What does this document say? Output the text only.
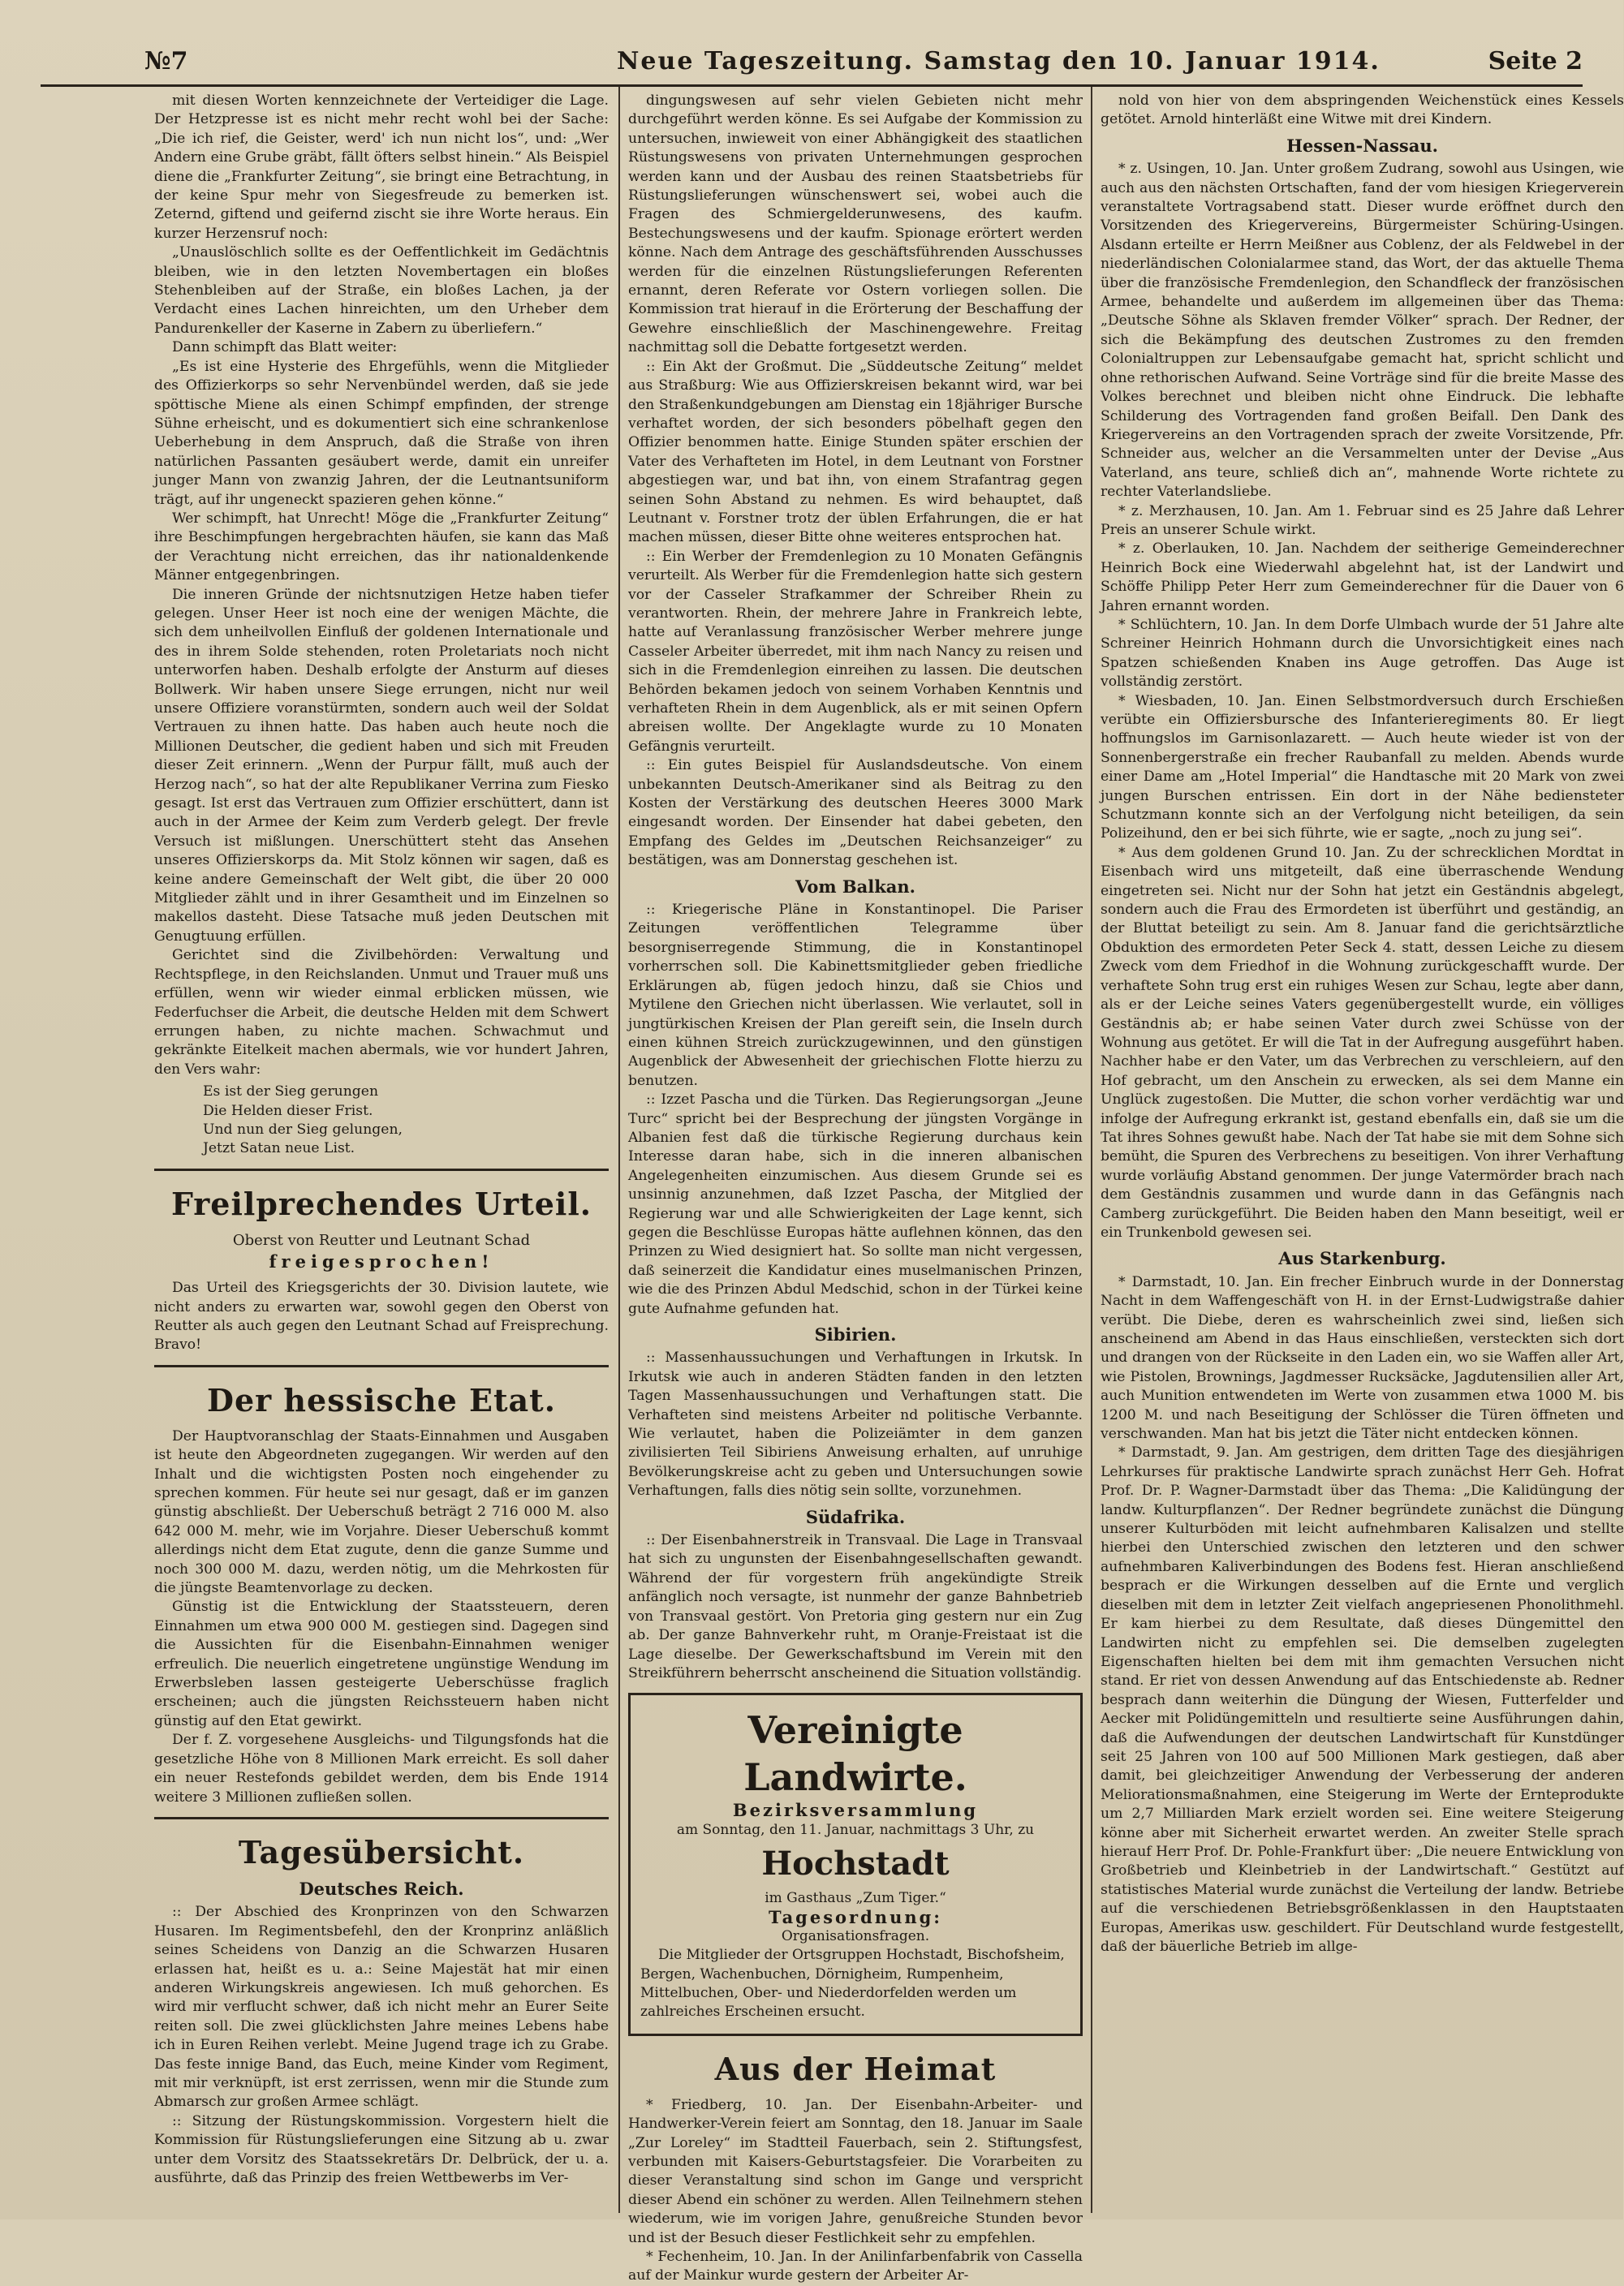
№7	Neue Tageszeitung. Samstag den 10. Januar 1914.	Seite 2

mit diesen Worten kennzeichnete der Verteidiger die Lage. Der Hetzpresse ist es nicht mehr recht wohl bei der Sache: „Die ich rief, die Geister, werd' ich nun nicht los“, und: „Wer Andern eine Grube gräbt, fällt öfters selbst hinein.“ Als Beispiel diene die „Frankfurter Zeitung“, sie bringt eine Betrachtung, in der keine Spur mehr von Siegesfreude zu bemerken ist. Zeternd, giftend und geifernd zischt sie ihre Worte heraus. Ein kurzer Herzensruf noch:

„Unauslöschlich sollte es der Oeffentlichkeit im Gedächtnis bleiben, wie in den letzten Novembertagen ein bloßes Stehenbleiben auf der Straße, ein bloßes Lachen, ja der Verdacht eines Lachen hinreichten, um den Urheber dem Pandurenkeller der Kaserne in Zabern zu überliefern.“

Dann schimpft das Blatt weiter:

„Es ist eine Hysterie des Ehrgefühls, wenn die Mitglieder des Offizierkorps so sehr Nervenbündel werden, daß sie jede spöttische Miene als einen Schimpf empfinden, der strenge Sühne erheischt, und es dokumentiert sich eine schrankenlose Ueberhebung in dem Anspruch, daß die Straße von ihren natürlichen Passanten gesäubert werde, damit ein unreifer junger Mann von zwanzig Jahren, der die Leutnantsuniform trägt, auf ihr ungeneckt spazieren gehen könne.“

Wer schimpft, hat Unrecht! Möge die „Frankfurter Zeitung“ ihre Beschimpfungen hergebrachten häufen, sie kann das Maß der Verachtung nicht erreichen, das ihr nationaldenkende Männer entgegenbringen.

Die inneren Gründe der nichtsnutzigen Hetze haben tiefer gelegen. Unser Heer ist noch eine der wenigen Mächte, die sich dem unheilvollen Einfluß der goldenen Internationale und des in ihrem Solde stehenden, roten Proletariats noch nicht unterworfen haben. Deshalb erfolgte der Ansturm auf dieses Bollwerk. Wir haben unsere Siege errungen, nicht nur weil unsere Offiziere voranstürmten, sondern auch weil der Soldat Vertrauen zu ihnen hatte. Das haben auch heute noch die Millionen Deutscher, die gedient haben und sich mit Freuden dieser Zeit erinnern. „Wenn der Purpur fällt, muß auch der Herzog nach“, so hat der alte Republikaner Verrina zum Fiesko gesagt. Ist erst das Vertrauen zum Offizier erschüttert, dann ist auch in der Armee der Keim zum Verderb gelegt. Der frevle Versuch ist mißlungen. Unerschüttert steht das Ansehen unseres Offizierskorps da. Mit Stolz können wir sagen, daß es keine andere Gemeinschaft der Welt gibt, die über 20 000 Mitglieder zählt und in ihrer Gesamtheit und im Einzelnen so makellos dasteht. Diese Tatsache muß jeden Deutschen mit Genugtuung erfüllen.

Gerichtet sind die Zivilbehörden: Verwaltung und Rechtspflege, in den Reichslanden. Unmut und Trauer muß uns erfüllen, wenn wir wieder einmal erblicken müssen, wie Federfuchser die Arbeit, die deutsche Helden mit dem Schwert errungen haben, zu nichte machen. Schwachmut und gekränkte Eitelkeit machen abermals, wie vor hundert Jahren, den Vers wahr:

Es ist der Sieg gerungen
Die Helden dieser Frist.
Und nun der Sieg gelungen,
Jetzt Satan neue List.
Freilprechendes Urteil.
Oberst von Reutter und Leutnant Schad
freigesprochen!

Das Urteil des Kriegsgerichts der 30. Division lautete, wie nicht anders zu erwarten war, sowohl gegen den Oberst von Reutter als auch gegen den Leutnant Schad auf Freisprechung. Bravo!

Der hessische Etat.

Der Hauptvoranschlag der Staats-Einnahmen und Ausgaben ist heute den Abgeordneten zugegangen. Wir werden auf den Inhalt und die wichtigsten Posten noch eingehender zu sprechen kommen. Für heute sei nur gesagt, daß er im ganzen günstig abschließt. Der Ueberschuß beträgt 2 716 000 M. also 642 000 M. mehr, wie im Vorjahre. Dieser Ueberschuß kommt allerdings nicht dem Etat zugute, denn die ganze Summe und noch 300 000 M. dazu, werden nötig, um die Mehrkosten für die jüngste Beamtenvorlage zu decken.

Günstig ist die Entwicklung der Staatssteuern, deren Einnahmen um etwa 900 000 M. gestiegen sind. Dagegen sind die Aussichten für die Eisenbahn-Einnahmen weniger erfreulich. Die neuerlich eingetretene ungünstige Wendung im Erwerbsleben lassen gesteigerte Ueberschüsse fraglich erscheinen; auch die jüngsten Reichssteuern haben nicht günstig auf den Etat gewirkt.

Der f. Z. vorgesehene Ausgleichs- und Tilgungsfonds hat die gesetzliche Höhe von 8 Millionen Mark erreicht. Es soll daher ein neuer Restefonds gebildet werden, dem bis Ende 1914 weitere 3 Millionen zufließen sollen.

Tagesübersicht.
Deutsches Reich.

:: Der Abschied des Kronprinzen von den Schwarzen Husaren. Im Regimentsbefehl, den der Kronprinz anläßlich seines Scheidens von Danzig an die Schwarzen Husaren erlassen hat, heißt es u. a.: Seine Majestät hat mir einen anderen Wirkungskreis angewiesen. Ich muß gehorchen. Es wird mir verflucht schwer, daß ich nicht mehr an Eurer Seite reiten soll. Die zwei glücklichsten Jahre meines Lebens habe ich in Euren Reihen verlebt. Meine Jugend trage ich zu Grabe. Das feste innige Band, das Euch, meine Kinder vom Regiment, mit mir verknüpft, ist erst zerrissen, wenn mir die Stunde zum Abmarsch zur großen Armee schlägt.

:: Sitzung der Rüstungskommission. Vorgestern hielt die Kommission für Rüstungslieferungen eine Sitzung ab u. zwar unter dem Vorsitz des Staatssekretärs Dr. Delbrück, der u. a. ausführte, daß das Prinzip des freien Wettbewerbs im Ver-

dingungswesen auf sehr vielen Gebieten nicht mehr durchgeführt werden könne. Es sei Aufgabe der Kommission zu untersuchen, inwieweit von einer Abhängigkeit des staatlichen Rüstungswesens von privaten Unternehmungen gesprochen werden kann und der Ausbau des reinen Staatsbetriebs für Rüstungslieferungen wünschenswert sei, wobei auch die Fragen des Schmiergelderunwesens, des kaufm. Bestechungswesens und der kaufm. Spionage erörtert werden könne. Nach dem Antrage des geschäftsführenden Ausschusses werden für die einzelnen Rüstungslieferungen Referenten ernannt, deren Referate vor Ostern vorliegen sollen. Die Kommission trat hierauf in die Erörterung der Beschaffung der Gewehre einschließlich der Maschinengewehre. Freitag nachmittag soll die Debatte fortgesetzt werden.

:: Ein Akt der Großmut. Die „Süddeutsche Zeitung“ meldet aus Straßburg: Wie aus Offizierskreisen bekannt wird, war bei den Straßenkundgebungen am Dienstag ein 18jähriger Bursche verhaftet worden, der sich besonders pöbelhaft gegen den Offizier benommen hatte. Einige Stunden später erschien der Vater des Verhafteten im Hotel, in dem Leutnant von Forstner abgestiegen war, und bat ihn, von einem Strafantrag gegen seinen Sohn Abstand zu nehmen. Es wird behauptet, daß Leutnant v. Forstner trotz der üblen Erfahrungen, die er hat machen müssen, dieser Bitte ohne weiteres entsprochen hat.

:: Ein Werber der Fremdenlegion zu 10 Monaten Gefängnis verurteilt. Als Werber für die Fremdenlegion hatte sich gestern vor der Casseler Strafkammer der Schreiber Rhein zu verantworten. Rhein, der mehrere Jahre in Frankreich lebte, hatte auf Veranlassung französischer Werber mehrere junge Casseler Arbeiter überredet, mit ihm nach Nancy zu reisen und sich in die Fremdenlegion einreihen zu lassen. Die deutschen Behörden bekamen jedoch von seinem Vorhaben Kenntnis und verhafteten Rhein in dem Augenblick, als er mit seinen Opfern abreisen wollte. Der Angeklagte wurde zu 10 Monaten Gefängnis verurteilt.

:: Ein gutes Beispiel für Auslandsdeutsche. Von einem unbekannten Deutsch-Amerikaner sind als Beitrag zu den Kosten der Verstärkung des deutschen Heeres 3000 Mark eingesandt worden. Der Einsender hat dabei gebeten, den Empfang des Geldes im „Deutschen Reichsanzeiger“ zu bestätigen, was am Donnerstag geschehen ist.

Vom Balkan.

:: Kriegerische Pläne in Konstantinopel. Die Pariser Zeitungen veröffentlichen Telegramme über besorgniserregende Stimmung, die in Konstantinopel vorherrschen soll. Die Kabinettsmitglieder geben friedliche Erklärungen ab, fügen jedoch hinzu, daß sie Chios und Mytilene den Griechen nicht überlassen. Wie verlautet, soll in jungtürkischen Kreisen der Plan gereift sein, die Inseln durch einen kühnen Streich zurückzugewinnen, und den günstigen Augenblick der Abwesenheit der griechischen Flotte hierzu zu benutzen.

:: Izzet Pascha und die Türken. Das Regierungsorgan „Jeune Turc“ spricht bei der Besprechung der jüngsten Vorgänge in Albanien fest daß die türkische Regierung durchaus kein Interesse daran habe, sich in die inneren albanischen Angelegenheiten einzumischen. Aus diesem Grunde sei es unsinnig anzunehmen, daß Izzet Pascha, der Mitglied der Regierung war und alle Schwierigkeiten der Lage kennt, sich gegen die Beschlüsse Europas hätte auflehnen können, das den Prinzen zu Wied designiert hat. So sollte man nicht vergessen, daß seinerzeit die Kandidatur eines muselmanischen Prinzen, wie die des Prinzen Abdul Medschid, schon in der Türkei keine gute Aufnahme gefunden hat.

Sibirien.

:: Massenhaussuchungen und Verhaftungen in Irkutsk. In Irkutsk wie auch in anderen Städten fanden in den letzten Tagen Massenhaussuchungen und Verhaftungen statt. Die Verhafteten sind meistens Arbeiter nd politische Verbannte. Wie verlautet, haben die Polizeiämter in dem ganzen zivilisierten Teil Sibiriens Anweisung erhalten, auf unruhige Bevölkerungskreise acht zu geben und Untersuchungen sowie Verhaftungen, falls dies nötig sein sollte, vorzunehmen.

Südafrika.

:: Der Eisenbahnerstreik in Transvaal. Die Lage in Transvaal hat sich zu ungunsten der Eisenbahngesellschaften gewandt. Während der für vorgestern früh angekündigte Streik anfänglich noch versagte, ist nunmehr der ganze Bahnbetrieb von Transvaal gestört. Von Pretoria ging gestern nur ein Zug ab. Der ganze Bahnverkehr ruht, m Oranje-Freistaat ist die Lage dieselbe. Der Gewerkschaftsbund im Verein mit den Streikführern beherrscht anscheinend die Situation vollständig.

Vereinigte Landwirte.
Bezirksversammlung
am Sonntag, den 11. Januar, nachmittags 3 Uhr, zu
Hochstadt
im Gasthaus „Zum Tiger.“
Tagesordnung:
Organisationsfragen.
Die Mitglieder der Ortsgruppen Hochstadt, Bischofsheim, Bergen, Wachenbuchen, Dörnigheim, Rumpenheim, Mittelbuchen, Ober- und Niederdorfelden werden um zahlreiches Erscheinen ersucht.
Aus der Heimat

* Friedberg, 10. Jan. Der Eisenbahn-Arbeiter- und Handwerker-Verein feiert am Sonntag, den 18. Januar im Saale „Zur Loreley“ im Stadtteil Fauerbach, sein 2. Stiftungsfest, verbunden mit Kaisers-Geburtstagsfeier. Die Vorarbeiten zu dieser Veranstaltung sind schon im Gange und verspricht dieser Abend ein schöner zu werden. Allen Teilnehmern stehen wiederum, wie im vorigen Jahre, genußreiche Stunden bevor und ist der Besuch dieser Festlichkeit sehr zu empfehlen.

* Fechenheim, 10. Jan. In der Anilinfarbenfabrik von Cassella auf der Mainkur wurde gestern der Arbeiter Ar-

nold von hier von dem abspringenden Weichenstück eines Kessels getötet. Arnold hinterläßt eine Witwe mit drei Kindern.

Hessen-Nassau.

* z. Usingen, 10. Jan. Unter großem Zudrang, sowohl aus Usingen, wie auch aus den nächsten Ortschaften, fand der vom hiesigen Kriegerverein veranstaltete Vortragsabend statt. Dieser wurde eröffnet durch den Vorsitzenden des Kriegervereins, Bürgermeister Schüring-Usingen. Alsdann erteilte er Herrn Meißner aus Coblenz, der als Feldwebel in der niederländischen Colonialarmee stand, das Wort, der das aktuelle Thema über die französische Fremdenlegion, den Schandfleck der französischen Armee, behandelte und außerdem im allgemeinen über das Thema: „Deutsche Söhne als Sklaven fremder Völker“ sprach. Der Redner, der sich die Bekämpfung des deutschen Zustromes zu den fremden Colonialtruppen zur Lebensaufgabe gemacht hat, spricht schlicht und ohne rethorischen Aufwand. Seine Vorträge sind für die breite Masse des Volkes berechnet und bleiben nicht ohne Eindruck. Die lebhafte Schilderung des Vortragenden fand großen Beifall. Den Dank des Kriegervereins an den Vortragenden sprach der zweite Vorsitzende, Pfr. Schneider aus, welcher an die Versammelten unter der Devise „Aus Vaterland, ans teure, schließ dich an“, mahnende Worte richtete zu rechter Vaterlandsliebe.

* z. Merzhausen, 10. Jan. Am 1. Februar sind es 25 Jahre daß Lehrer Preis an unserer Schule wirkt.

* z. Oberlauken, 10. Jan. Nachdem der seitherige Gemeinderechner Heinrich Bock eine Wiederwahl abgelehnt hat, ist der Landwirt und Schöffe Philipp Peter Herr zum Gemeinderechner für die Dauer von 6 Jahren ernannt worden.

* Schlüchtern, 10. Jan. In dem Dorfe Ulmbach wurde der 51 Jahre alte Schreiner Heinrich Hohmann durch die Unvorsichtigkeit eines nach Spatzen schießenden Knaben ins Auge getroffen. Das Auge ist vollständig zerstört.

* Wiesbaden, 10. Jan. Einen Selbstmordversuch durch Erschießen verübte ein Offiziersbursche des Infanterieregiments 80. Er liegt hoffnungslos im Garnisonlazarett. — Auch heute wieder ist von der Sonnenbergerstraße ein frecher Raubanfall zu melden. Abends wurde einer Dame am „Hotel Imperial“ die Handtasche mit 20 Mark von zwei jungen Burschen entrissen. Ein dort in der Nähe bediensteter Schutzmann konnte sich an der Verfolgung nicht beteiligen, da sein Polizeihund, den er bei sich führte, wie er sagte, „noch zu jung sei“.

* Aus dem goldenen Grund 10. Jan. Zu der schrecklichen Mordtat in Eisenbach wird uns mitgeteilt, daß eine überraschende Wendung eingetreten sei. Nicht nur der Sohn hat jetzt ein Geständnis abgelegt, sondern auch die Frau des Ermordeten ist überführt und geständig, an der Bluttat beteiligt zu sein. Am 8. Januar fand die gerichtsärztliche Obduktion des ermordeten Peter Seck 4. statt, dessen Leiche zu diesem Zweck vom dem Friedhof in die Wohnung zurückgeschafft wurde. Der verhaftete Sohn trug erst ein ruhiges Wesen zur Schau, legte aber dann, als er der Leiche seines Vaters gegenübergestellt wurde, ein völliges Geständnis ab; er habe seinen Vater durch zwei Schüsse von der Wohnung aus getötet. Er will die Tat in der Aufregung ausgeführt haben. Nachher habe er den Vater, um das Verbrechen zu verschleiern, auf den Hof gebracht, um den Anschein zu erwecken, als sei dem Manne ein Unglück zugestoßen. Die Mutter, die schon vorher verdächtig war und infolge der Aufregung erkrankt ist, gestand ebenfalls ein, daß sie um die Tat ihres Sohnes gewußt habe. Nach der Tat habe sie mit dem Sohne sich bemüht, die Spuren des Verbrechens zu beseitigen. Von ihrer Verhaftung wurde vorläufig Abstand genommen. Der junge Vatermörder brach nach dem Geständnis zusammen und wurde dann in das Gefängnis nach Camberg zurückgeführt. Die Beiden haben den Mann beseitigt, weil er ein Trunkenbold gewesen sei.

Aus Starkenburg.

* Darmstadt, 10. Jan. Ein frecher Einbruch wurde in der Donnerstag Nacht in dem Waffengeschäft von H. in der Ernst-Ludwigstraße dahier verübt. Die Diebe, deren es wahrscheinlich zwei sind, ließen sich anscheinend am Abend in das Haus einschließen, versteckten sich dort und drangen von der Rückseite in den Laden ein, wo sie Waffen aller Art, wie Pistolen, Brownings, Jagdmesser Rucksäcke, Jagdutensilien aller Art, auch Munition entwendeten im Werte von zusammen etwa 1000 M. bis 1200 M. und nach Beseitigung der Schlösser die Türen öffneten und verschwanden. Man hat bis jetzt die Täter nicht entdecken können.

* Darmstadt, 9. Jan. Am gestrigen, dem dritten Tage des diesjährigen Lehrkurses für praktische Landwirte sprach zunächst Herr Geh. Hofrat Prof. Dr. P. Wagner-Darmstadt über das Thema: „Die Kalidüngung der landw. Kulturpflanzen“. Der Redner begründete zunächst die Düngung unserer Kulturböden mit leicht aufnehmbaren Kalisalzen und stellte hierbei den Unterschied zwischen den letzteren und den schwer aufnehmbaren Kaliverbindungen des Bodens fest. Hieran anschließend besprach er die Wirkungen desselben auf die Ernte und verglich dieselben mit dem in letzter Zeit vielfach angepriesenen Phonolithmehl. Er kam hierbei zu dem Resultate, daß dieses Düngemittel den Landwirten nicht zu empfehlen sei. Die demselben zugelegten Eigenschaften hielten bei dem mit ihm gemachten Versuchen nicht stand. Er riet von dessen Anwendung auf das Entschiedenste ab. Redner besprach dann weiterhin die Düngung der Wiesen, Futterfelder und Aecker mit Polidüngemitteln und resultierte seine Ausführungen dahin, daß die Aufwendungen der deutschen Landwirtschaft für Kunstdünger seit 25 Jahren von 100 auf 500 Millionen Mark gestiegen, daß aber damit, bei gleichzeitiger Anwendung der Verbesserung der anderen Meliorationsmaßnahmen, eine Steigerung im Werte der Ernteprodukte um 2,7 Milliarden Mark erzielt worden sei. Eine weitere Steigerung könne aber mit Sicherheit erwartet werden. An zweiter Stelle sprach hierauf Herr Prof. Dr. Pohle-Frankfurt über: „Die neuere Entwicklung von Großbetrieb und Kleinbetrieb in der Landwirtschaft.“ Gestützt auf statistisches Material wurde zunächst die Verteilung der landw. Betriebe auf die verschiedenen Betriebsgrößenklassen in den Hauptstaaten Europas, Amerikas usw. geschildert. Für Deutschland wurde festgestellt, daß der bäuerliche Betrieb im allge-
